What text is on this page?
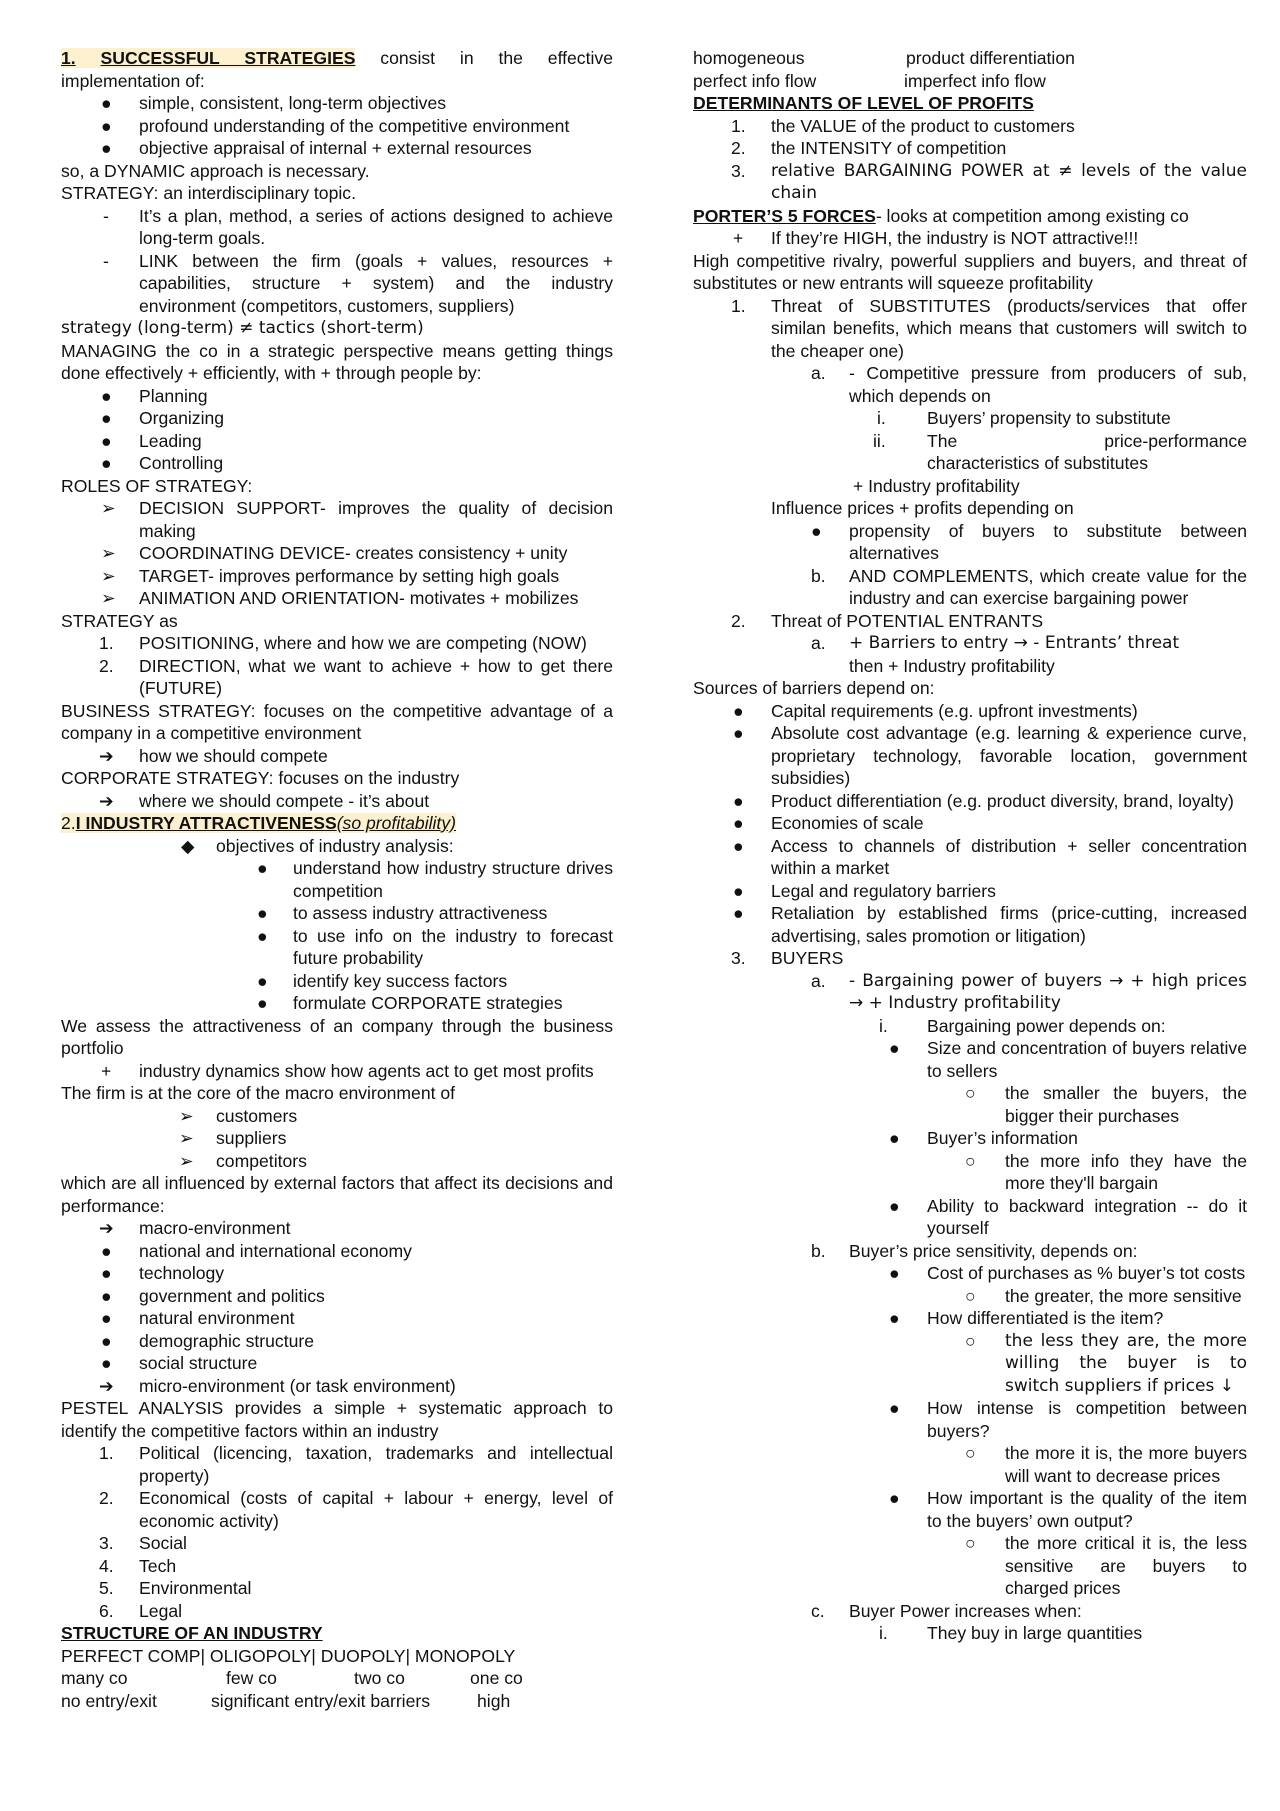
1. SUCCESSFUL STRATEGIES consist in the effective implementation of:

●	simple, consistent, long-term objectives
●	profound understanding of the competitive environment
●	objective appraisal of internal + external resources

so, a DYNAMIC approach is necessary.

STRATEGY: an interdisciplinary topic.

-	It’s a plan, method, a series of actions designed to achieve long-term goals.
-	LINK between the firm (goals + values, resources + capabilities, structure + system) and the industry environment (competitors, customers, suppliers)

strategy (long-term) ≠ tactics (short-term)

MANAGING the co in a strategic perspective means getting things done effectively + efficiently, with + through people by:

●	Planning
●	Organizing
●	Leading
●	Controlling

ROLES OF STRATEGY:

➢	DECISION SUPPORT- improves the quality of decision making
➢	COORDINATING DEVICE- creates consistency + unity
➢	TARGET- improves performance by setting high goals
➢	ANIMATION AND ORIENTATION- motivates + mobilizes

STRATEGY as

1.	POSITIONING, where and how we are competing (NOW)
2.	DIRECTION, what we want to achieve + how to get there (FUTURE)

BUSINESS STRATEGY: focuses on the competitive advantage of a company in a competitive environment

➔	how we should compete

CORPORATE STRATEGY: focuses on the industry

➔	where we should compete - it’s about

2.I INDUSTRY ATTRACTIVENESS(so profitability)

◆	objectives of industry analysis:
●	understand how industry structure drives competition
●	to assess industry attractiveness
●	to use info on the industry to forecast future probability
●	identify key success factors
●	formulate CORPORATE strategies

We assess the attractiveness of an company through the business portfolio

+	industry dynamics show how agents act to get most profits

The firm is at the core of the macro environment of

➢	customers
➢	suppliers
➢	competitors

which are all influenced by external factors that affect its decisions and performance:

➔	macro-environment
●	national and international economy
●	technology
●	government and politics
●	natural environment
●	demographic structure
●	social structure
➔	micro-environment (or task environment)

PESTEL ANALYSIS provides a simple + systematic approach to identify the competitive factors within an industry

1.	Political (licencing, taxation, trademarks and intellectual property)
2.	Economical (costs of capital + labour + energy, level of economic activity)
3.	Social
4.	Tech
5.	Environmental
6.	Legal

STRUCTURE OF AN INDUSTRY

PERFECT COMP| OLIGOPOLY| DUOPOLY| MONOPOLY

many co	few co	two co	one co
no entry/exit	significant entry/exit barriers	high
homogeneous	product differentiation
perfect info flow	imperfect info flow

DETERMINANTS OF LEVEL OF PROFITS

1.	the VALUE of the product to customers
2.	the INTENSITY of competition
3.	relative BARGAINING POWER at ≠ levels of the value chain

PORTER’S 5 FORCES- looks at competition among existing co

+	If they’re HIGH, the industry is NOT attractive!!!

High competitive rivalry, powerful suppliers and buyers, and threat of substitutes or new entrants will squeeze profitability

1.	Threat of SUBSTITUTES (products/services that offer similan benefits, which means that customers will switch to the cheaper one)
a.	- Competitive pressure from producers of sub, which depends on
i.	Buyers’ propensity to substitute
ii.	The	price-performance
characteristics of substitutes

+ Industry profitability

Influence prices + profits depending on

●	propensity of buyers to substitute between alternatives
b.	AND COMPLEMENTS, which create value for the industry and can exercise bargaining power
2.	Threat of POTENTIAL ENTRANTS
a.	+ Barriers to entry → - Entrants’ threat

then + Industry profitability

Sources of barriers depend on:

●	Capital requirements (e.g. upfront investments)
●	Absolute cost advantage (e.g. learning & experience curve, proprietary technology, favorable location, government subsidies)
●	Product differentiation (e.g. product diversity, brand, loyalty)
●	Economies of scale
●	Access to channels of distribution + seller concentration within a market
●	Legal and regulatory barriers
●	Retaliation by established firms (price-cutting, increased advertising, sales promotion or litigation)
3.	BUYERS
a.	- Bargaining power of buyers → + high prices → + Industry profitability
i.	Bargaining power depends on:
●	Size and concentration of buyers relative to sellers
○	the smaller the buyers, the bigger their purchases
●	Buyer’s information
○	the more info they have the more they'll bargain
●	Ability to backward integration -- do it yourself
b.	Buyer’s price sensitivity, depends on:
●	Cost of purchases as % buyer’s tot costs
○	the greater, the more sensitive
●	How differentiated is the item?
○	the less they are, the more willing the buyer is to switch suppliers if prices ↓
●	How intense is competition between buyers?
○	the more it is, the more buyers will want to decrease prices
●	How important is the quality of the item to the buyers’ own output?
○	the more critical it is, the less sensitive are buyers to charged prices
c.	Buyer Power increases when:
i.	They buy in large quantities
